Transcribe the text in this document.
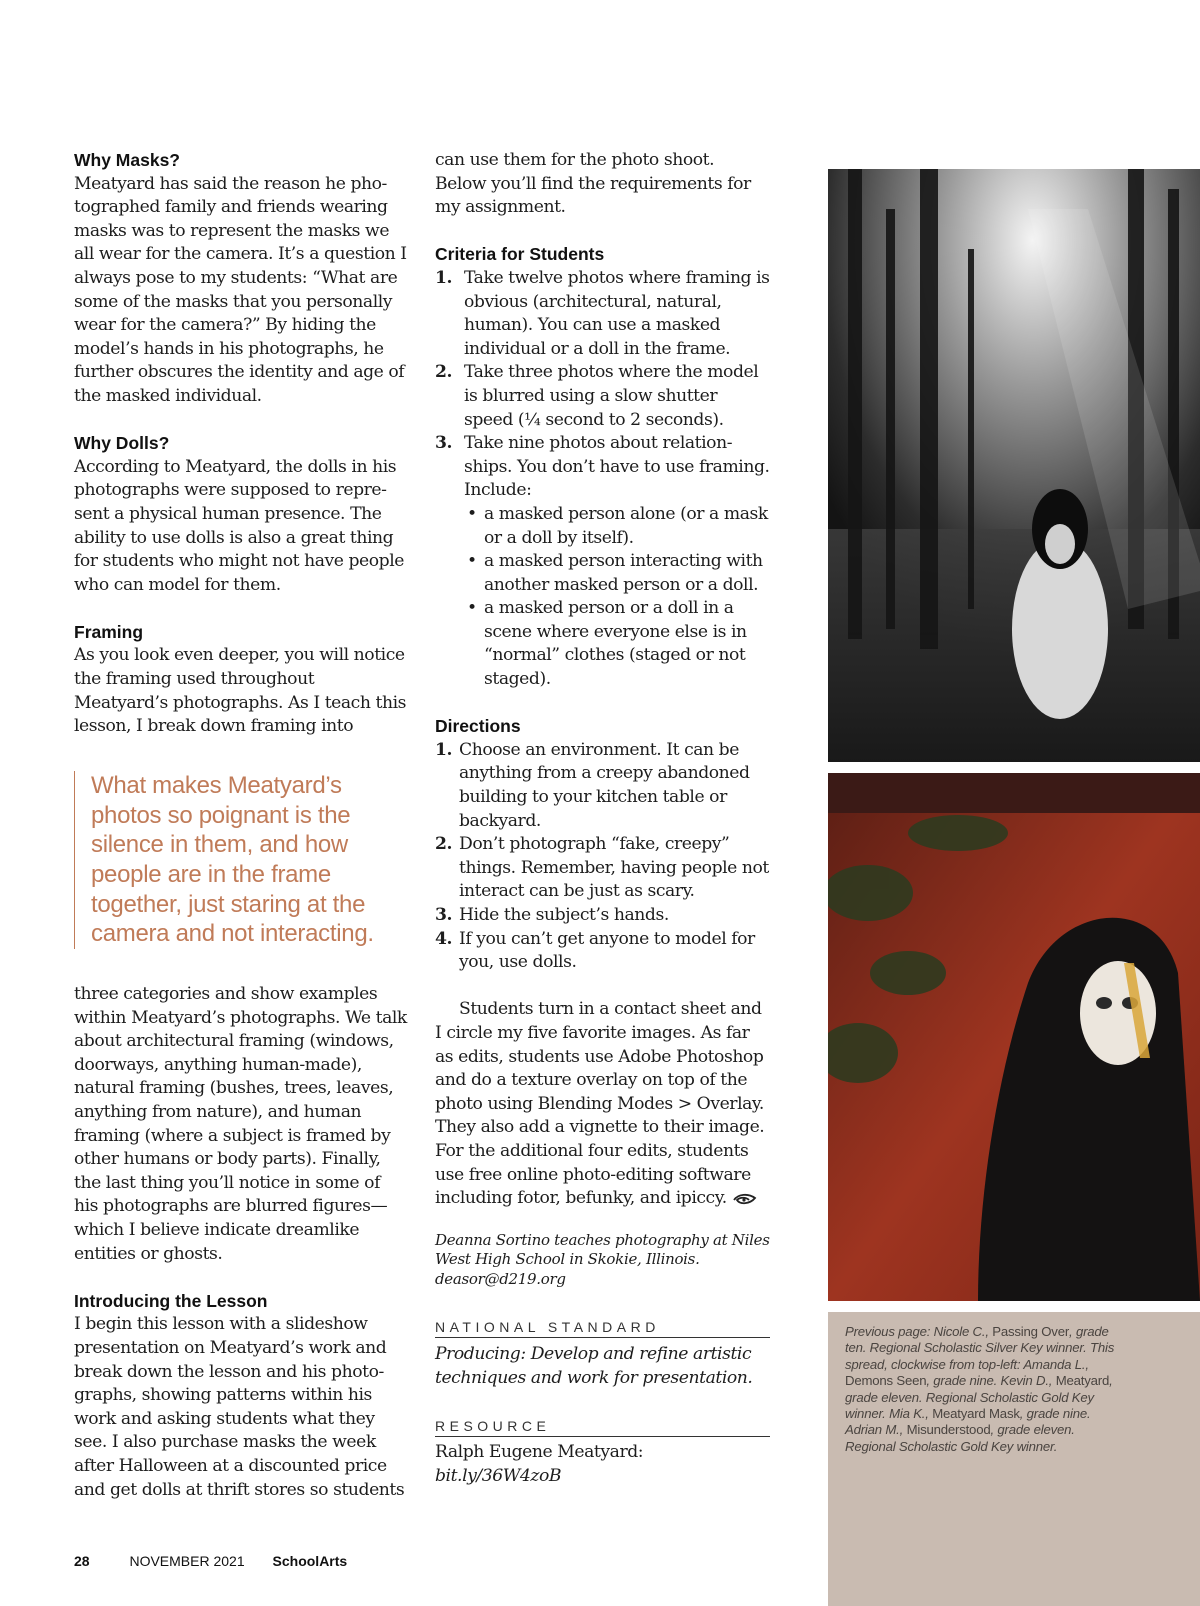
Why Masks?

Meatyard has said the reason he photographed family and friends wearing masks was to represent the masks we all wear for the camera. It’s a question I always pose to my students: “What are some of the masks that you personally wear for the camera?” By hiding the model’s hands in his photographs, he further obscures the identity and age of the masked individual.

Why Dolls?

According to Meatyard, the dolls in his photographs were supposed to represent a physical human presence. The ability to use dolls is also a great thing for students who might not have people who can model for them.

Framing

As you look even deeper, you will notice the framing used throughout Meatyard’s photographs. As I teach this lesson, I break down framing into

What makes Meatyard’s photos so poignant is the silence in them, and how people are in the frame together, just staring at the camera and not interacting.

three categories and show examples within Meatyard’s photographs. We talk about architectural framing (windows, doorways, anything human-made), natural framing (bushes, trees, leaves, anything from nature), and human framing (where a subject is framed by other humans or body parts). Finally, the last thing you’ll notice in some of his photographs are blurred figures—which I believe indicate dreamlike entities or ghosts.

Introducing the Lesson

I begin this lesson with a slideshow presentation on Meatyard’s work and break down the lesson and his photographs, showing patterns within his work and asking students what they see. I also purchase masks the week after Halloween at a discounted price and get dolls at thrift stores so students

can use them for the photo shoot. Below you’ll find the requirements for my assignment.

Criteria for Students
1. Take twelve photos where framing is obvious (architectural, natural, human). You can use a masked individual or a doll in the frame.
2. Take three photos where the model is blurred using a slow shutter speed (¼ second to 2 seconds).
3. Take nine photos about relationships. You don’t have to use framing. Include:
• a masked person alone (or a mask or a doll by itself).
• a masked person interacting with another masked person or a doll.
• a masked person or a doll in a scene where everyone else is in “normal” clothes (staged or not staged).
Directions
1. Choose an environment. It can be anything from a creepy abandoned building to your kitchen table or backyard.
2. Don’t photograph “fake, creepy” things. Remember, having people not interact can be just as scary.
3. Hide the subject’s hands.
4. If you can’t get anyone to model for you, use dolls.

Students turn in a contact sheet and I circle my five favorite images. As far as edits, students use Adobe Photoshop and do a texture overlay on top of the photo using Blending Modes > Overlay. They also add a vignette to their image. For the additional four edits, students use free online photo-editing software including fotor, befunky, and ipiccy.

Deanna Sortino teaches photography at Niles West High School in Skokie, Illinois.
deasor@d219.org

NATIONAL STANDARD

Producing: Develop and refine artistic techniques and work for presentation.

RESOURCE

Ralph Eugene Meatyard: bit.ly/36W4zoB

Previous page: Nicole C., Passing Over, grade ten. Regional Scholastic Silver Key winner. This spread, clockwise from top-left: Amanda L., Demons Seen, grade nine. Kevin D., Meatyard, grade eleven. Regional Scholastic Gold Key winner. Mia K., Meatyard Mask, grade nine. Adrian M., Misunderstood, grade eleven. Regional Scholastic Gold Key winner.

28	NOVEMBER 2021 SchoolArts
